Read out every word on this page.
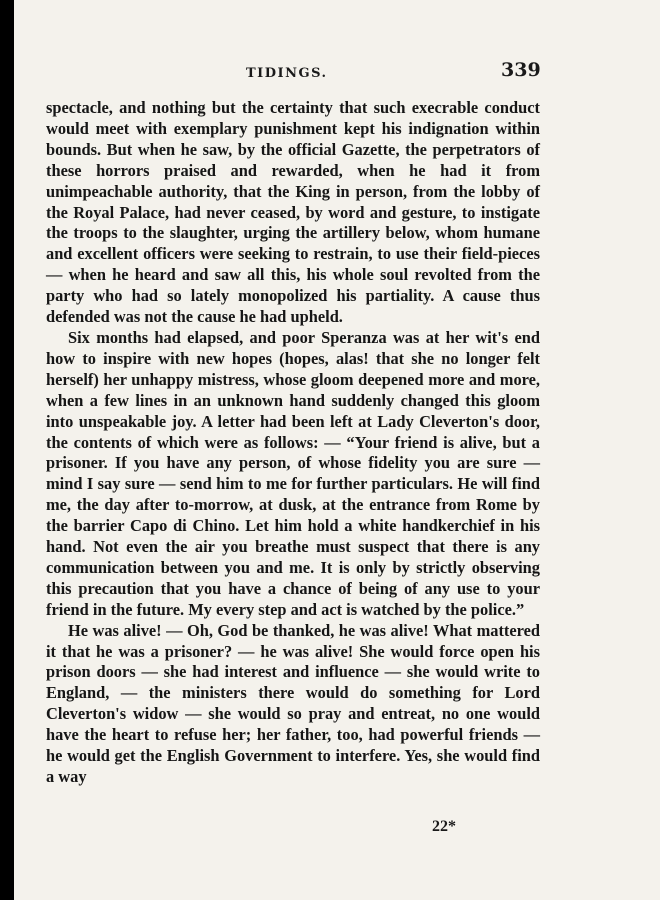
TIDINGS.	339

spectacle, and nothing but the certainty that such execrable conduct would meet with exemplary punishment kept his indignation within bounds. But when he saw, by the official Gazette, the perpetrators of these horrors praised and rewarded, when he had it from unimpeachable authority, that the King in person, from the lobby of the Royal Palace, had never ceased, by word and gesture, to instigate the troops to the slaughter, urging the artillery below, whom humane and excellent officers were seeking to restrain, to use their field-pieces — when he heard and saw all this, his whole soul revolted from the party who had so lately monopolized his partiality. A cause thus defended was not the cause he had upheld.

Six months had elapsed, and poor Speranza was at her wit's end how to inspire with new hopes (hopes, alas! that she no longer felt herself) her unhappy mistress, whose gloom deepened more and more, when a few lines in an unknown hand suddenly changed this gloom into unspeakable joy. A letter had been left at Lady Cleverton's door, the contents of which were as follows: — “Your friend is alive, but a prisoner. If you have any person, of whose fidelity you are sure — mind I say sure — send him to me for further particulars. He will find me, the day after to-morrow, at dusk, at the entrance from Rome by the barrier Capo di Chino. Let him hold a white handkerchief in his hand. Not even the air you breathe must suspect that there is any communication between you and me. It is only by strictly observing this precaution that you have a chance of being of any use to your friend in the future. My every step and act is watched by the police.”

He was alive! — Oh, God be thanked, he was alive! What mattered it that he was a prisoner? — he was alive! She would force open his prison doors — she had interest and influence — she would write to England, — the ministers there would do something for Lord Cleverton's widow — she would so pray and entreat, no one would have the heart to refuse her; her father, too, had powerful friends — he would get the English Government to interfere. Yes, she would find a way

22*
